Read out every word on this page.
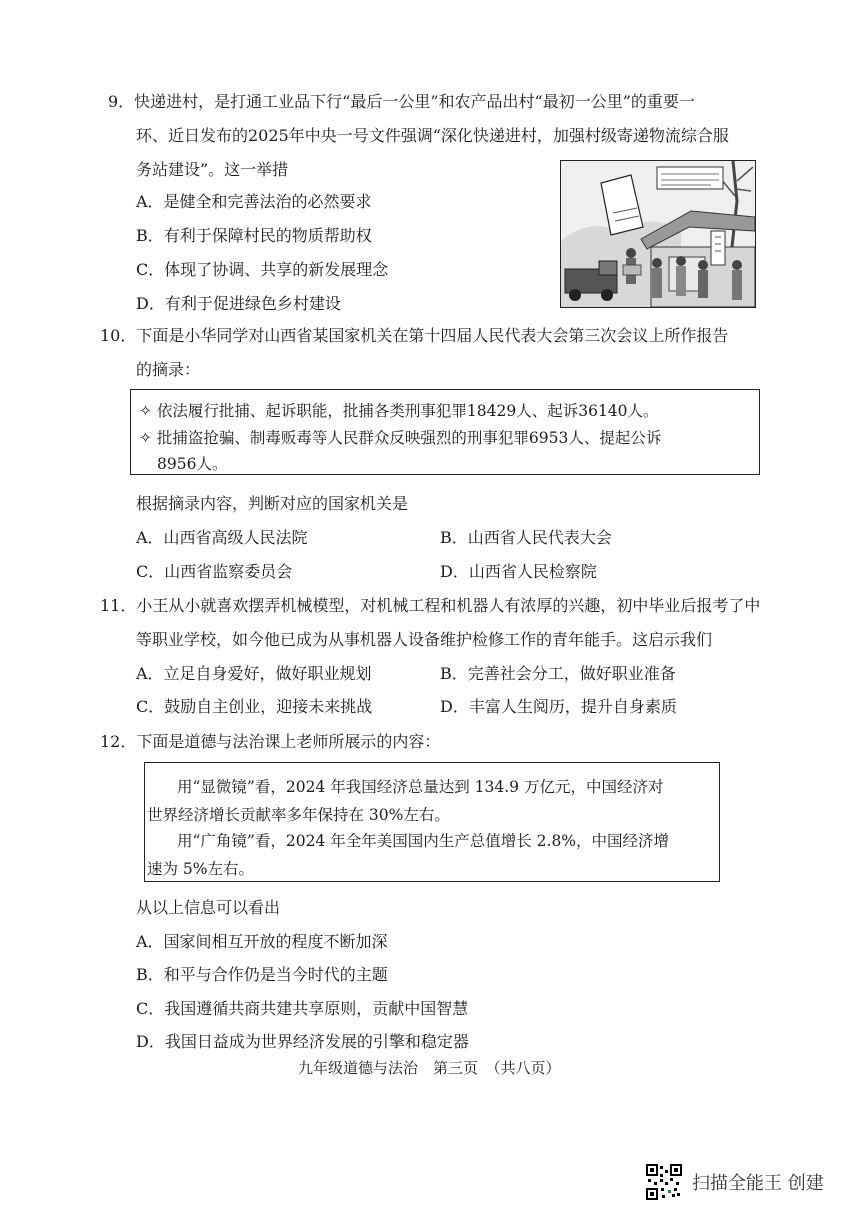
9．快递进村，是打通工业品下行“最后一公里”和农产品出村“最初一公里”的重要一
环、近日发布的2025年中央一号文件强调“深化快递进村，加强村级寄递物流综合服
务站建设”。这一举措
A．是健全和完善法治的必然要求
B．有利于保障村民的物质帮助权
C．体现了协调、共享的新发展理念
D．有利于促进绿色乡村建设
10．下面是小华同学对山西省某国家机关在第十四届人民代表大会第三次会议上所作报告
的摘录：
✧ 依法履行批捕、起诉职能，批捕各类刑事犯罪18429人、起诉36140人。
✧ 批捕盗抢骗、制毒贩毒等人民群众反映强烈的刑事犯罪6953人、提起公诉
8956人。
根据摘录内容，判断对应的国家机关是
A．山西省高级人民法院	B．山西省人民代表大会
C．山西省监察委员会	D．山西省人民检察院
11．小王从小就喜欢摆弄机械模型，对机械工程和机器人有浓厚的兴趣，初中毕业后报考了中
等职业学校，如今他已成为从事机器人设备维护检修工作的青年能手。这启示我们
A．立足自身爱好，做好职业规划	B．完善社会分工，做好职业准备
C．鼓励自主创业，迎接未来挑战	D．丰富人生阅历，提升自身素质
12．下面是道德与法治课上老师所展示的内容：
用“显微镜”看，2024 年我国经济总量达到 134.9 万亿元，中国经济对
世界经济增长贡献率多年保持在 30%左右。
用“广角镜”看，2024 年全年美国国内生产总值增长 2.8%，中国经济增
速为 5%左右。
从以上信息可以看出
A．国家间相互开放的程度不断加深
B．和平与合作仍是当今时代的主题
C．我国遵循共商共建共享原则，贡献中国智慧
D．我国日益成为世界经济发展的引擎和稳定器
九年级道德与法治　第三页　（共八页）
扫描全能王 创建
